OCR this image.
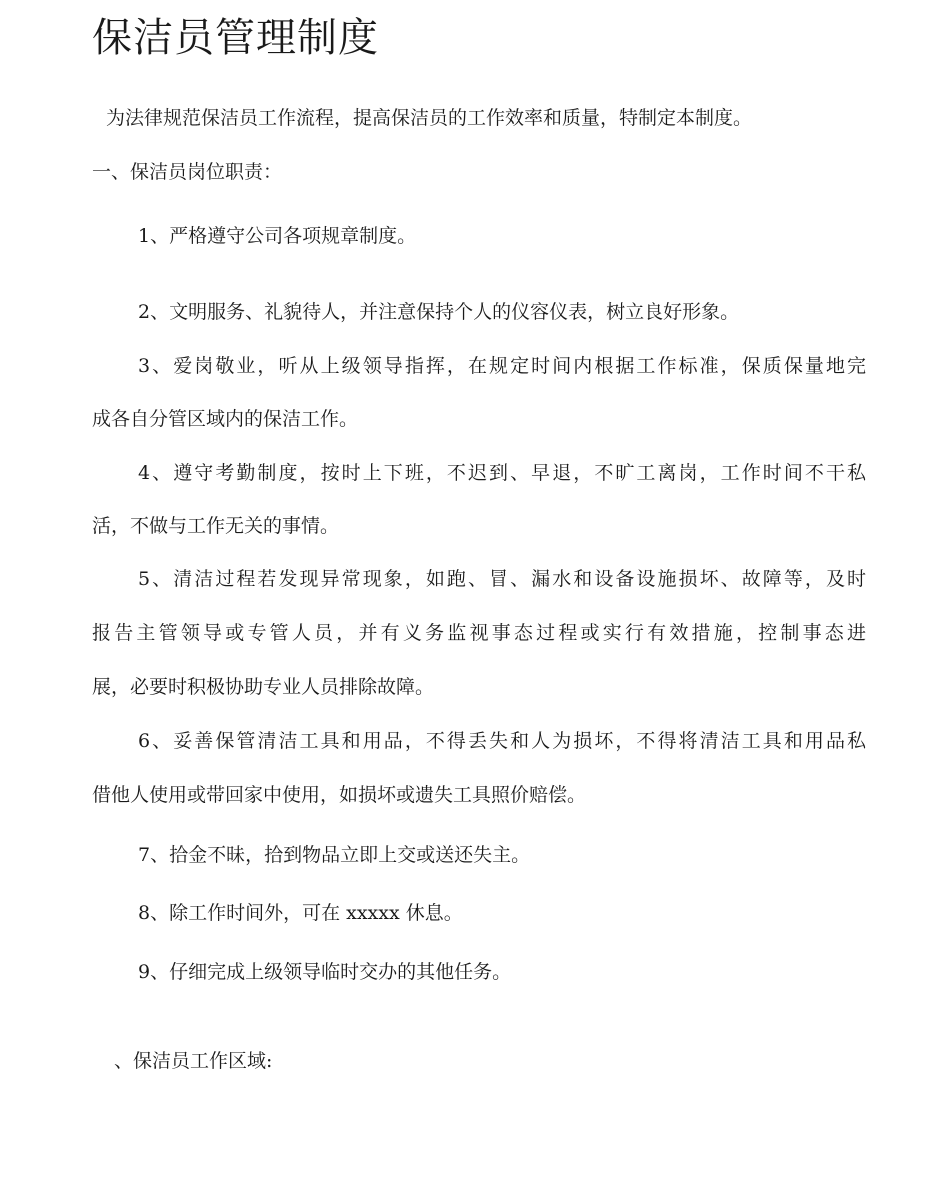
保洁员管理制度

为法律规范保洁员工作流程，提高保洁员的工作效率和质量，特制定本制度。

一、保洁员岗位职责：

1、严格遵守公司各项规章制度。

2、文明服务、礼貌待人，并注意保持个人的仪容仪表，树立良好形象。

3、爱岗敬业，听从上级领导指挥，在规定时间内根据工作标准，保质保量地完

成各自分管区域内的保洁工作。

4、遵守考勤制度，按时上下班，不迟到、早退，不旷工离岗，工作时间不干私

活，不做与工作无关的事情。

5、清洁过程若发现异常现象，如跑、冒、漏水和设备设施损坏、故障等，及时

报告主管领导或专管人员，并有义务监视事态过程或实行有效措施，控制事态进

展，必要时积极协助专业人员排除故障。

6、妥善保管清洁工具和用品，不得丢失和人为损坏，不得将清洁工具和用品私

借他人使用或带回家中使用，如损坏或遗失工具照价赔偿。

7、拾金不昧，拾到物品立即上交或送还失主。

8、除工作时间外，可在 xxxxx 休息。

9、仔细完成上级领导临时交办的其他任务。

、保洁员工作区域:
